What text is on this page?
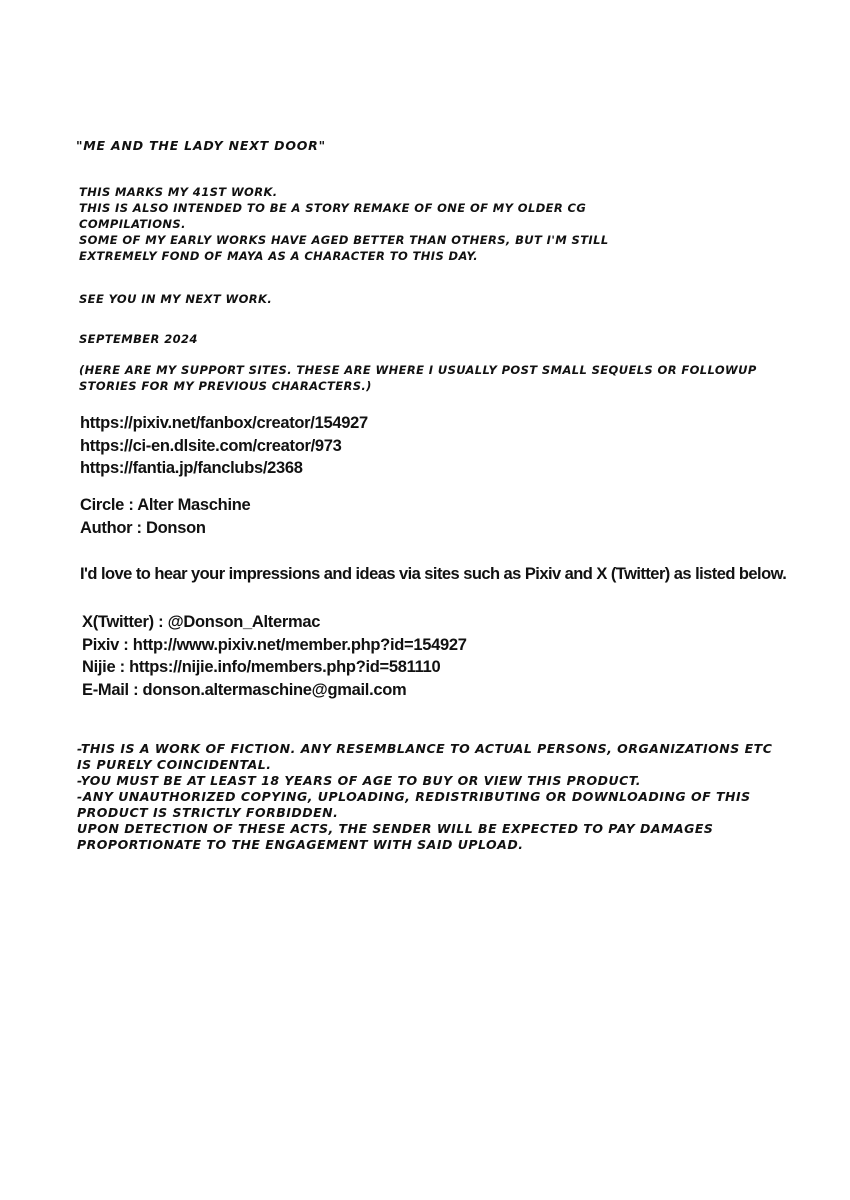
"ME AND THE LADY NEXT DOOR"
THIS MARKS MY 41ST WORK.
THIS IS ALSO INTENDED TO BE A STORY REMAKE OF ONE OF MY OLDER CG
COMPILATIONS.
SOME OF MY EARLY WORKS HAVE AGED BETTER THAN OTHERS, BUT I'M STILL
EXTREMELY FOND OF MAYA AS A CHARACTER TO THIS DAY.
SEE YOU IN MY NEXT WORK.
SEPTEMBER 2024
(HERE ARE MY SUPPORT SITES. THESE ARE WHERE I USUALLY POST SMALL SEQUELS OR FOLLOWUP
STORIES FOR MY PREVIOUS CHARACTERS.)
https://pixiv.net/fanbox/creator/154927
https://ci-en.dlsite.com/creator/973
https://fantia.jp/fanclubs/2368
Circle : Alter Maschine
Author : Donson
I'd love to hear your impressions and ideas via sites such as Pixiv and X (Twitter) as listed below.
X(Twitter) : @Donson_Altermac
Pixiv : http://www.pixiv.net/member.php?id=154927
Nijie : https://nijie.info/members.php?id=581110
E-Mail : donson.altermaschine@gmail.com
-THIS IS A WORK OF FICTION. ANY RESEMBLANCE TO ACTUAL PERSONS, ORGANIZATIONS ETC
IS PURELY COINCIDENTAL.
-YOU MUST BE AT LEAST 18 YEARS OF AGE TO BUY OR VIEW THIS PRODUCT.
-ANY UNAUTHORIZED COPYING, UPLOADING, REDISTRIBUTING OR DOWNLOADING OF THIS
PRODUCT IS STRICTLY FORBIDDEN.
UPON DETECTION OF THESE ACTS, THE SENDER WILL BE EXPECTED TO PAY DAMAGES
PROPORTIONATE TO THE ENGAGEMENT WITH SAID UPLOAD.
